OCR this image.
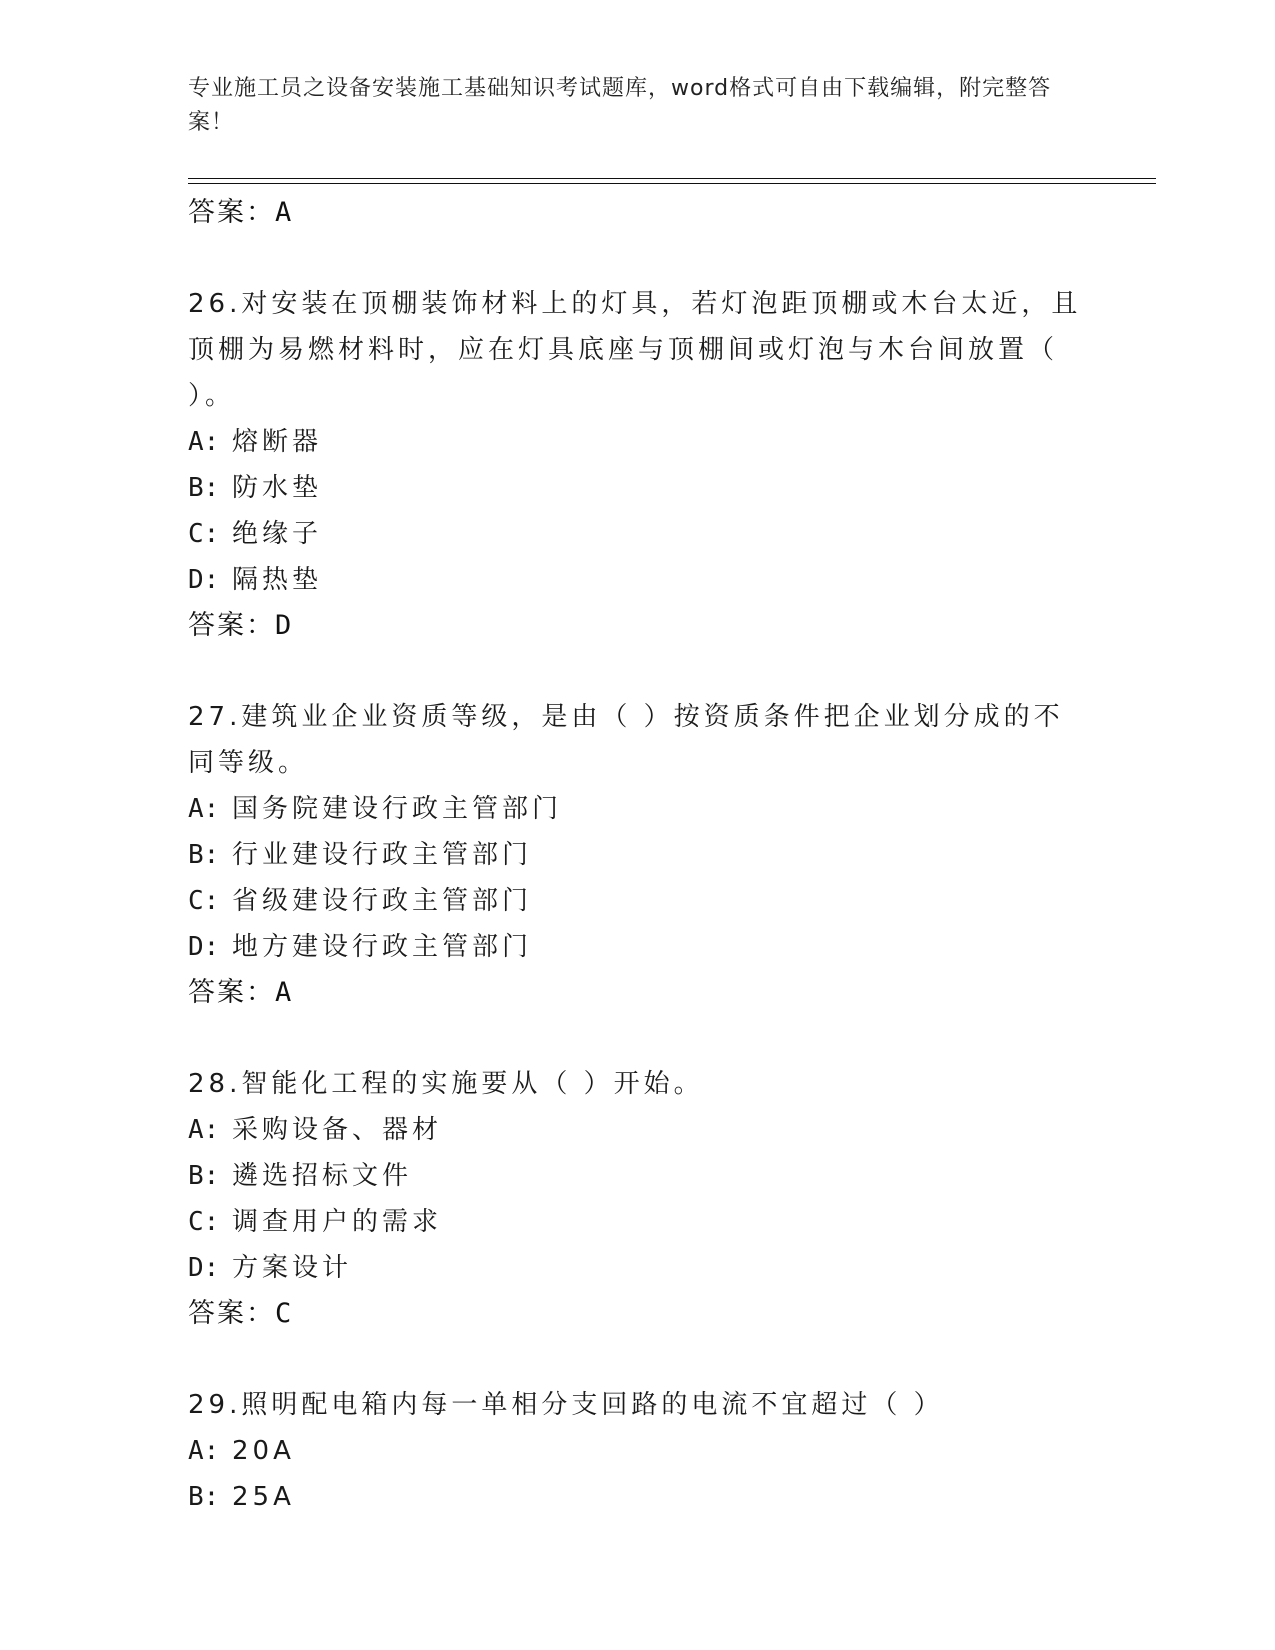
专业施工员之设备安装施工基础知识考试题库，word格式可自由下载编辑，附完整答案！
答案：A
26.对安装在顶棚装饰材料上的灯具，若灯泡距顶棚或木台太近，且顶棚为易燃材料时，应在灯具底座与顶棚间或灯泡与木台间放置（ ）。
A: 熔断器
B: 防水垫
C: 绝缘子
D: 隔热垫
答案：D
27.建筑业企业资质等级，是由（ ）按资质条件把企业划分成的不同等级。
A: 国务院建设行政主管部门
B: 行业建设行政主管部门
C: 省级建设行政主管部门
D: 地方建设行政主管部门
答案：A
28.智能化工程的实施要从（ ）开始。
A: 采购设备、器材
B: 遴选招标文件
C: 调查用户的需求
D: 方案设计
答案：C
29.照明配电箱内每一单相分支回路的电流不宜超过（ ）
A: 20A
B: 25A
